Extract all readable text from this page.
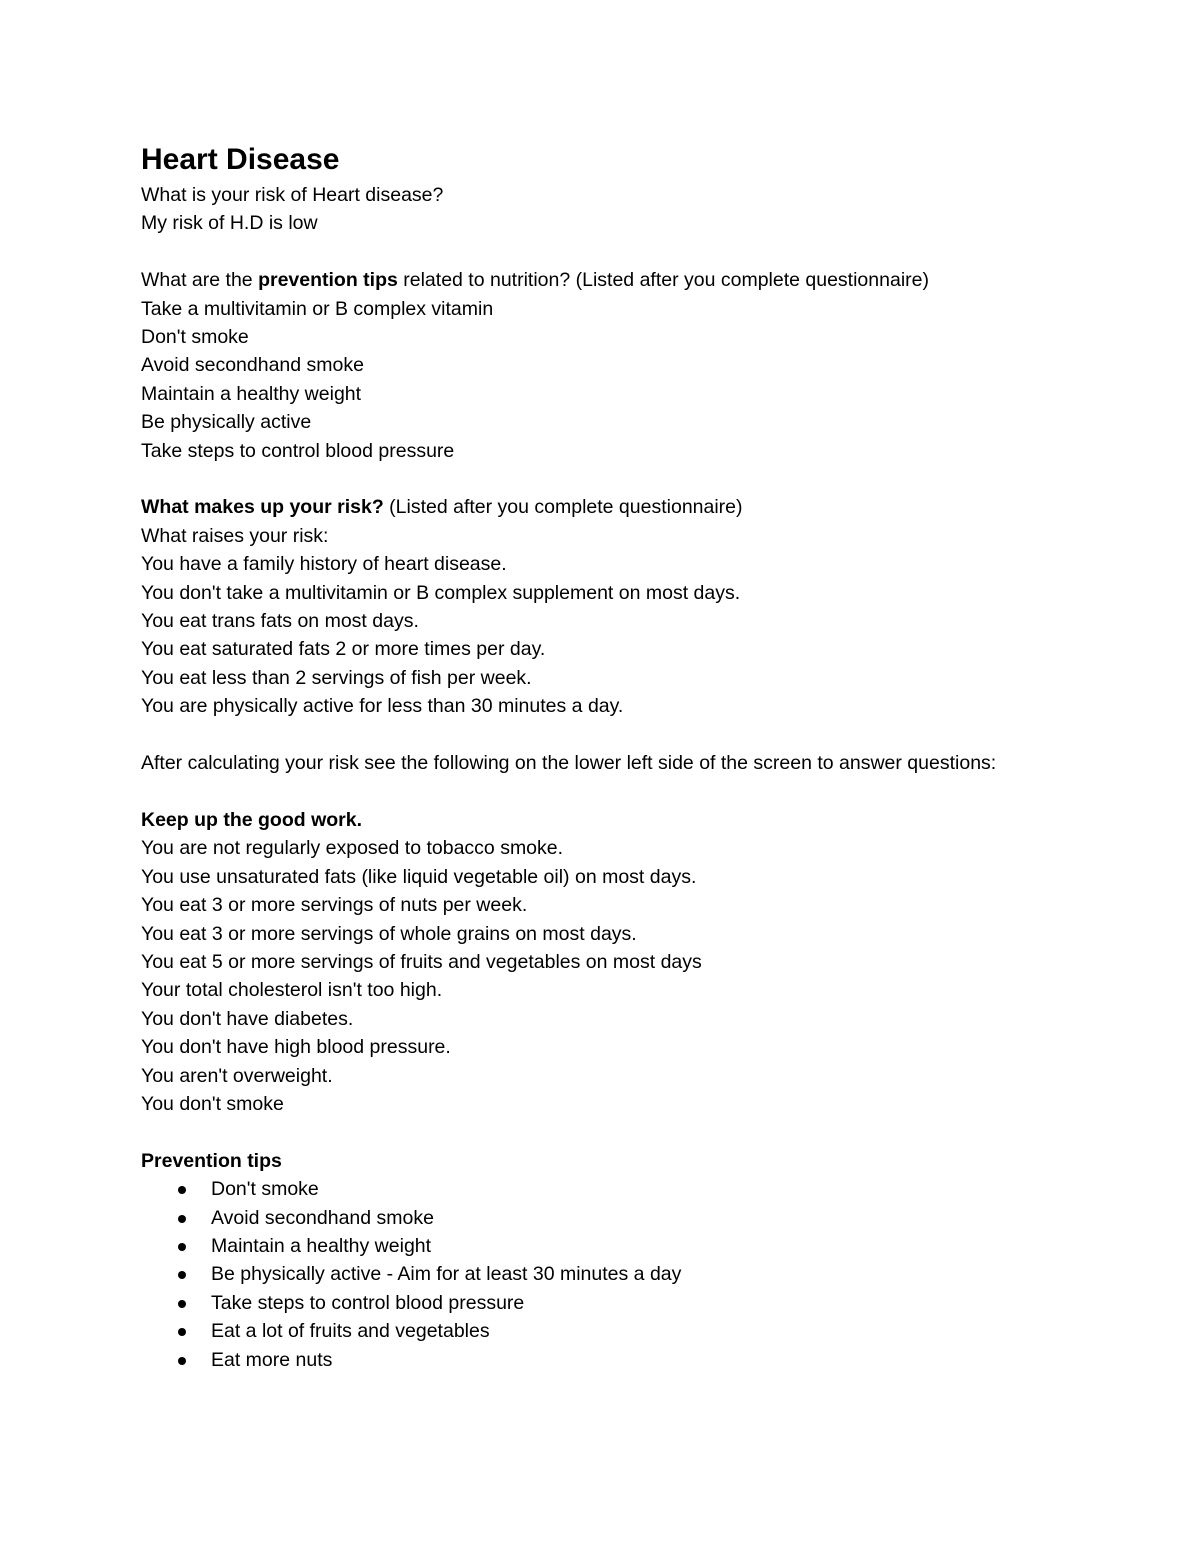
Heart Disease

What is your risk of Heart disease?

My risk of H.D is low

What are the prevention tips related to nutrition? (Listed after you complete questionnaire)

Take a multivitamin or B complex vitamin

Don't smoke

Avoid secondhand smoke

Maintain a healthy weight

Be physically active

Take steps to control blood pressure

What makes up your risk? (Listed after you complete questionnaire)

What raises your risk:

You have a family history of heart disease.

You don't take a multivitamin or B complex supplement on most days.

You eat trans fats on most days.

You eat saturated fats 2 or more times per day.

You eat less than 2 servings of fish per week.

You are physically active for less than 30 minutes a day.

After calculating your risk see the following on the lower left side of the screen to answer questions:

Keep up the good work.

You are not regularly exposed to tobacco smoke.

You use unsaturated fats (like liquid vegetable oil) on most days.

You eat 3 or more servings of nuts per week.

You eat 3 or more servings of whole grains on most days.

You eat 5 or more servings of fruits and vegetables on most days

Your total cholesterol isn't too high.

You don't have diabetes.

You don't have high blood pressure.

You aren't overweight.

You don't smoke

Prevention tips

Don't smoke
Avoid secondhand smoke
Maintain a healthy weight
Be physically active - Aim for at least 30 minutes a day
Take steps to control blood pressure
Eat a lot of fruits and vegetables
Eat more nuts
